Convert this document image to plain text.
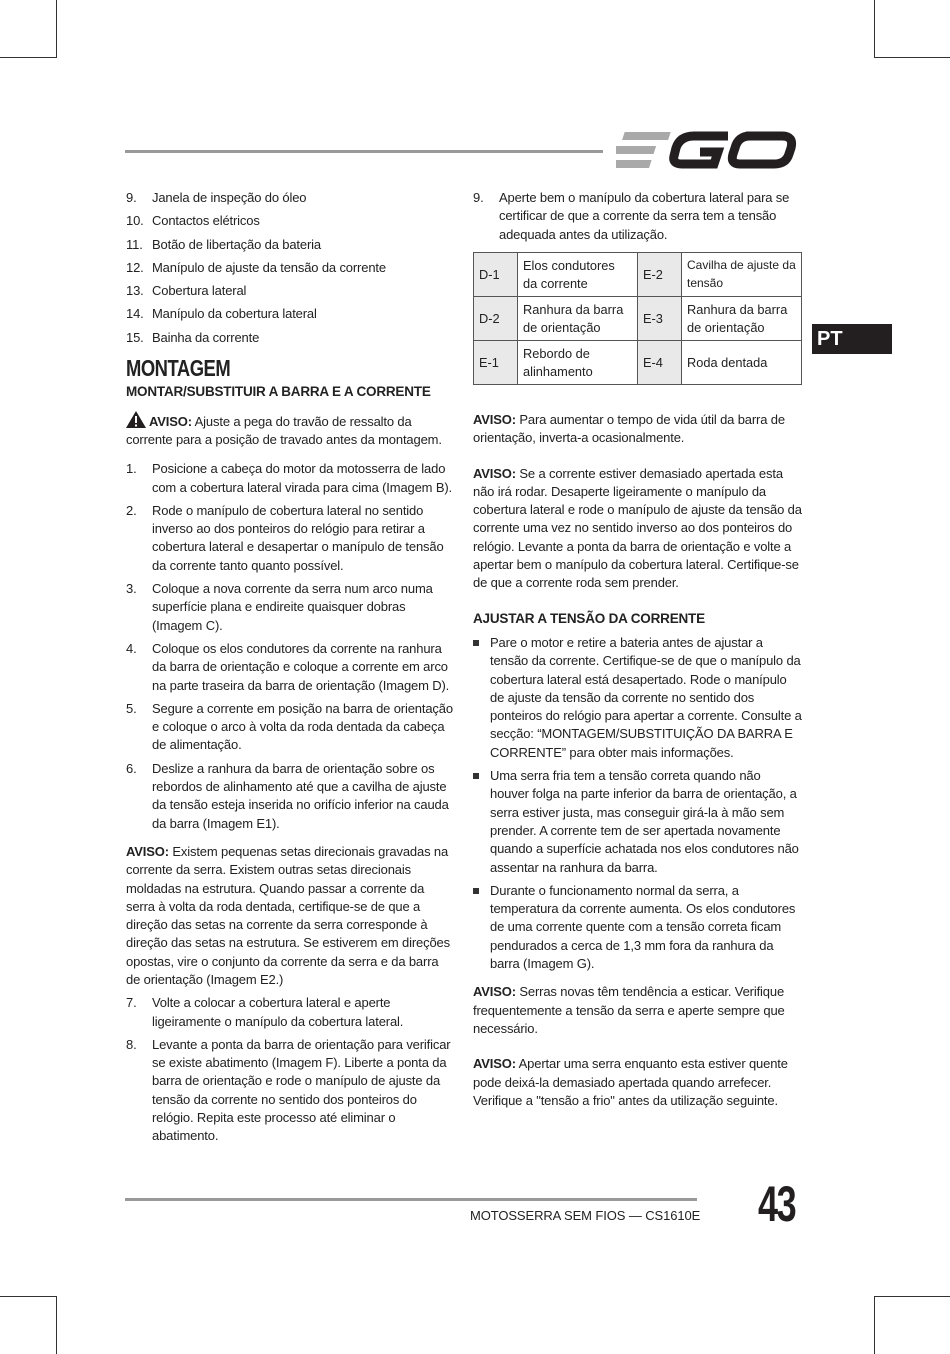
PT
9.	Janela de inspeção do óleo
10. Contactos elétricos
11. Botão de libertação da bateria
12. Manípulo de ajuste da tensão da corrente
13. Cobertura lateral
14. Manípulo da cobertura lateral
15. Bainha da corrente
MONTAGEM
MONTAR/SUBSTITUIR A BARRA E A CORRENTE

AVISO: Ajuste a pega do travão de ressalto da corrente para a posição de travado antes da montagem.

1.	Posicione a cabeça do motor da motosserra de lado com a cobertura lateral virada para cima (Imagem B).
2.	Rode o manípulo de cobertura lateral no sentido inverso ao dos ponteiros do relógio para retirar a cobertura lateral e desapertar o manípulo de tensão da corrente tanto quanto possível.
3.	Coloque a nova corrente da serra num arco numa superfície plana e endireite quaisquer dobras (Imagem C).
4.	Coloque os elos condutores da corrente na ranhura da barra de orientação e coloque a corrente em arco na parte traseira da barra de orientação (Imagem D).
5.	Segure a corrente em posição na barra de orientação e coloque o arco à volta da roda dentada da cabeça de alimentação.
6.	Deslize a ranhura da barra de orientação sobre os rebordos de alinhamento até que a cavilha de ajuste da tensão esteja inserida no orifício inferior na cauda da barra (Imagem E1).

AVISO: Existem pequenas setas direcionais gravadas na corrente da serra. Existem outras setas direcionais moldadas na estrutura. Quando passar a corrente da serra à volta da roda dentada, certifique-se de que a direção das setas na corrente da serra corresponde à direção das setas na estrutura. Se estiverem em direções opostas, vire o conjunto da corrente da serra e da barra de orientação (Imagem E2.)

7.	Volte a colocar a cobertura lateral e aperte ligeiramente o manípulo da cobertura lateral.
8.	Levante a ponta da barra de orientação para verificar se existe abatimento (Imagem F). Liberte a ponta da barra de orientação e rode o manípulo de ajuste da tensão da corrente no sentido dos ponteiros do relógio. Repita este processo até eliminar o abatimento.
9.	Aperte bem o manípulo da cobertura lateral para se certificar de que a corrente da serra tem a tensão adequada antes da utilização.
D-1	Elos condutores da corrente	E-2	Cavilha de ajuste da tensão
D-2	Ranhura da barra de orientação	E-3	Ranhura da barra de orientação
E-1	Rebordo de alinhamento	E-4	Roda dentada

AVISO: Para aumentar o tempo de vida útil da barra de orientação, inverta-a ocasionalmente.

AVISO: Se a corrente estiver demasiado apertada esta não irá rodar. Desaperte ligeiramente o manípulo da cobertura lateral e rode o manípulo de ajuste da tensão da corrente uma vez no sentido inverso ao dos ponteiros do relógio. Levante a ponta da barra de orientação e volte a apertar bem o manípulo da cobertura lateral. Certifique-se de que a corrente roda sem prender.

AJUSTAR A TENSÃO DA CORRENTE
Pare o motor e retire a bateria antes de ajustar a tensão da corrente. Certifique-se de que o manípulo da cobertura lateral está desapertado. Rode o manípulo de ajuste da tensão da corrente no sentido dos ponteiros do relógio para apertar a corrente. Consulte a secção: “MONTAGEM/SUBSTITUIÇÃO DA BARRA E CORRENTE” para obter mais informações.
Uma serra fria tem a tensão correta quando não houver folga na parte inferior da barra de orientação, a serra estiver justa, mas conseguir girá-la à mão sem prender. A corrente tem de ser apertada novamente quando a superfície achatada nos elos condutores não assentar na ranhura da barra.
Durante o funcionamento normal da serra, a temperatura da corrente aumenta. Os elos condutores de uma corrente quente com a tensão correta ficam pendurados a cerca de 1,3 mm fora da ranhura da barra (Imagem G).

AVISO: Serras novas têm tendência a esticar. Verifique frequentemente a tensão da serra e aperte sempre que necessário.

AVISO: Apertar uma serra enquanto esta estiver quente pode deixá-la demasiado apertada quando arrefecer. Verifique a "tensão a frio" antes da utilização seguinte.

MOTOSSERRA SEM FIOS — CS1610E 43
